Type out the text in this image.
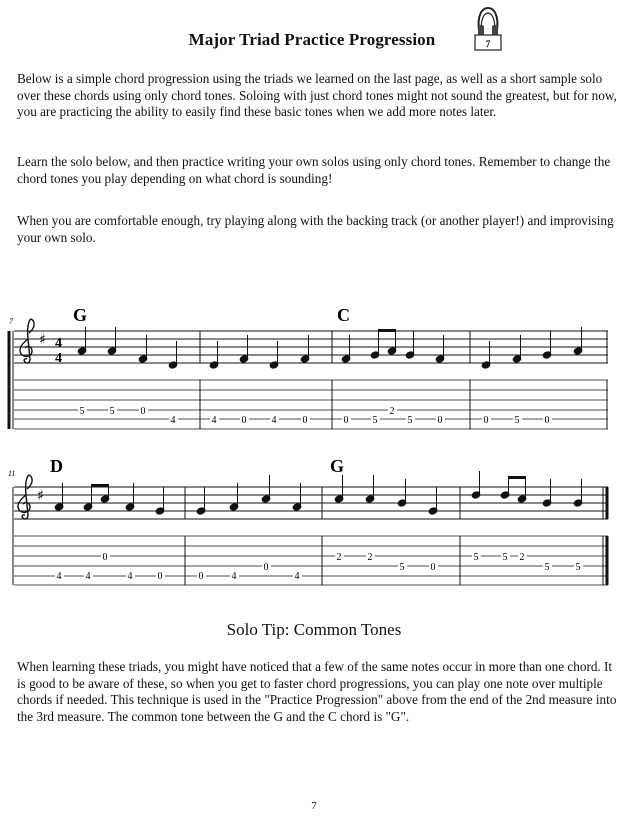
Major Triad Practice Progression	7

Below is a simple chord progression using the triads we learned on the last page, as well as a short sample solo over these chords using only chord tones. Soloing with just chord tones might not sound the greatest, but for now, you are practicing the ability to easily find these basic tones when we add more notes later.

Learn the solo below, and then practice writing your own solos using only chord tones. Remember to change the chord tones you play depending on what chord is sounding!

When you are comfortable enough, try playing along with the backing track (or another player!) and improvising your own solo.

7	G	C
♯ 4
4
5	5	0
4	4	0	4	0	0 5
2
5	0	0	5	0
11 D	G
♯
4 4
0
4	0	0	4
0
4
2	2
5	0
5 5 2
5	5
Solo Tip: Common Tones

When learning these triads, you might have noticed that a few of the same notes occur in more than one chord. It is good to be aware of these, so when you get to faster chord progressions, you can play one note over multiple chords if needed. This technique is used in the "Practice Progression" above from the end of the 2nd measure into the 3rd measure. The common tone between the G and the C chord is "G".

7
